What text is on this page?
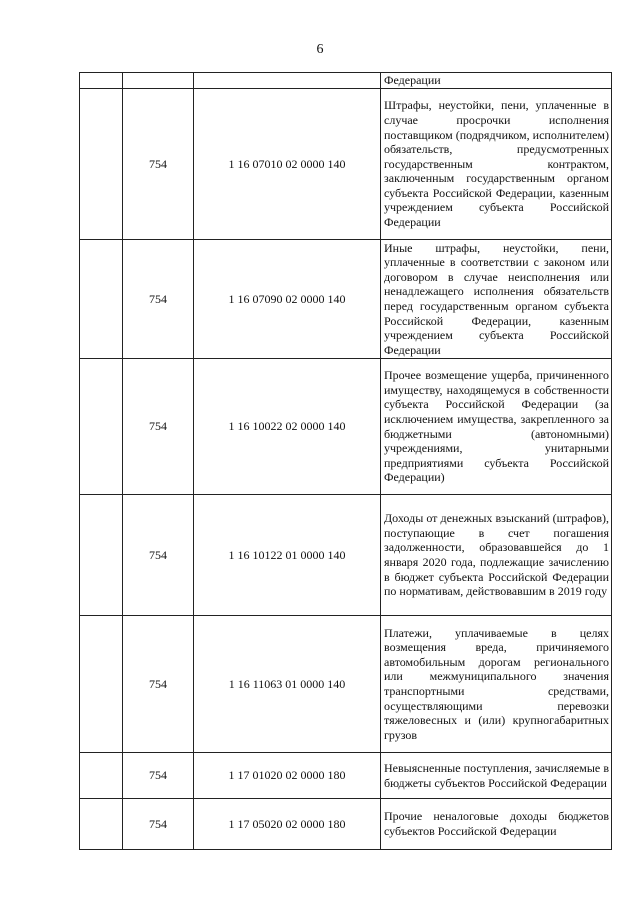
6

			Федерации

	754	1 16 07010 02 0000 140	Штрафы, неустойки, пени, уплаченные в случае просрочки исполнения поставщиком (подрядчиком, исполнителем) обязательств, предусмотренных государственным контрактом, заключенным государственным органом субъекта Российской Федерации, казенным учреждением субъекта Российской Федерации

	754	1 16 07090 02 0000 140	Иные штрафы, неустойки, пени, уплаченные в соответствии с законом или договором в случае неисполнения или ненадлежащего исполнения обязательств перед государственным органом субъекта Российской Федерации, казенным учреждением субъекта Российской Федерации

	754	1 16 10022 02 0000 140	Прочее возмещение ущерба, причиненного имуществу, находящемуся в собственности субъекта Российской Федерации (за исключением имущества, закрепленного за бюджетными (автономными) учреждениями, унитарными предприятиями субъекта Российской Федерации)

	754	1 16 10122 01 0000 140	Доходы от денежных взысканий (штрафов), поступающие в счет погашения задолженности, образовавшейся до 1 января 2020 года, подлежащие зачислению в бюджет субъекта Российской Федерации по нормативам, действовавшим в 2019 году

	754	1 16 11063 01 0000 140	Платежи, уплачиваемые в целях возмещения вреда, причиняемого автомобильным дорогам регионального или межмуниципального значения транспортными средствами, осуществляющими перевозки тяжеловесных и (или) крупногабаритных грузов

	754	1 17 01020 02 0000 180	Невыясненные поступления, зачисляемые в бюджеты субъектов Российской Федерации

	754	1 17 05020 02 0000 180	Прочие неналоговые доходы бюджетов субъектов Российской Федерации
